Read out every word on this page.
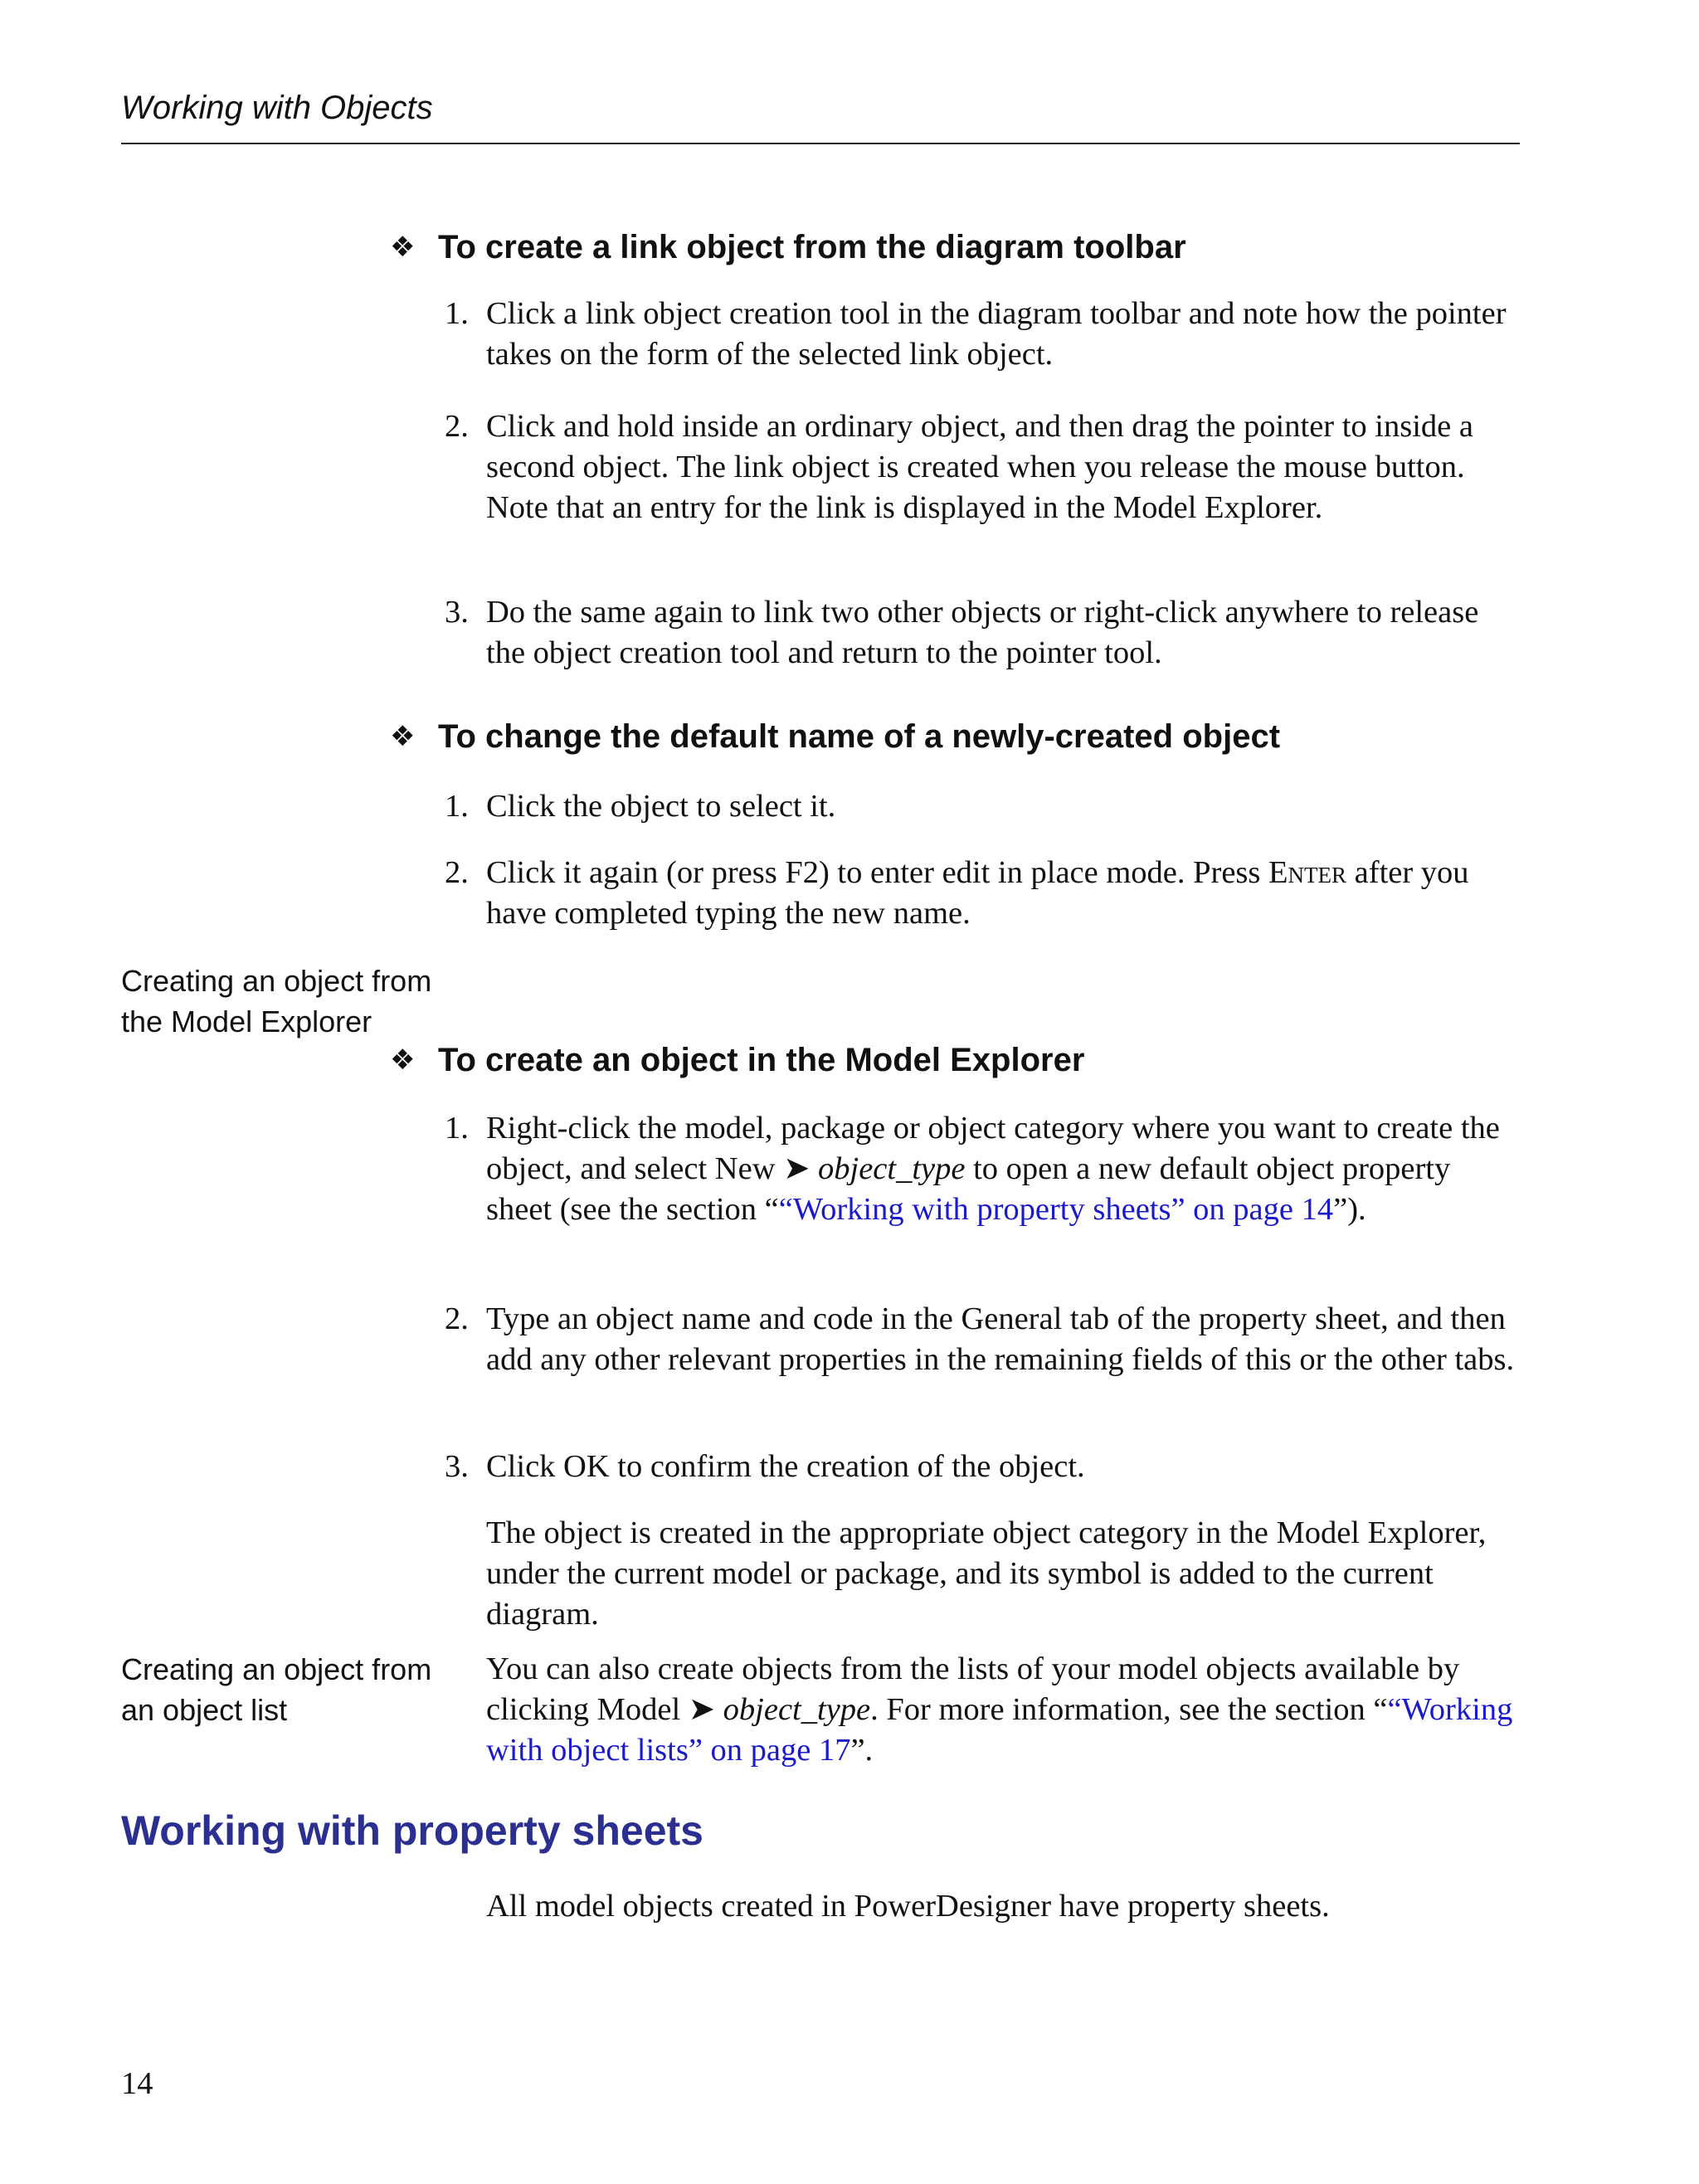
Working with Objects
❖ To create a link object from the diagram toolbar
1. Click a link object creation tool in the diagram toolbar and note how the pointer takes on the form of the selected link object.
2. Click and hold inside an ordinary object, and then drag the pointer to inside a second object. The link object is created when you release the mouse button. Note that an entry for the link is displayed in the Model Explorer.
3. Do the same again to link two other objects or right-click anywhere to release the object creation tool and return to the pointer tool.
❖ To change the default name of a newly-created object
1. Click the object to select it.
2. Click it again (or press F2) to enter edit in place mode. Press Enter after you have completed typing the new name.
Creating an object from the Model Explorer
❖ To create an object in the Model Explorer
1. Right-click the model, package or object category where you want to create the object, and select New ➤ object_type to open a new default object property sheet (see the section ““Working with property sheets” on page 14”).
2. Type an object name and code in the General tab of the property sheet, and then add any other relevant properties in the remaining fields of this or the other tabs.
3. Click OK to confirm the creation of the object.
The object is created in the appropriate object category in the Model Explorer, under the current model or package, and its symbol is added to the current diagram.
Creating an object from an object list
You can also create objects from the lists of your model objects available by clicking Model ➤ object_type. For more information, see the section ““Working with object lists” on page 17”.
Working with property sheets
All model objects created in PowerDesigner have property sheets.
14
